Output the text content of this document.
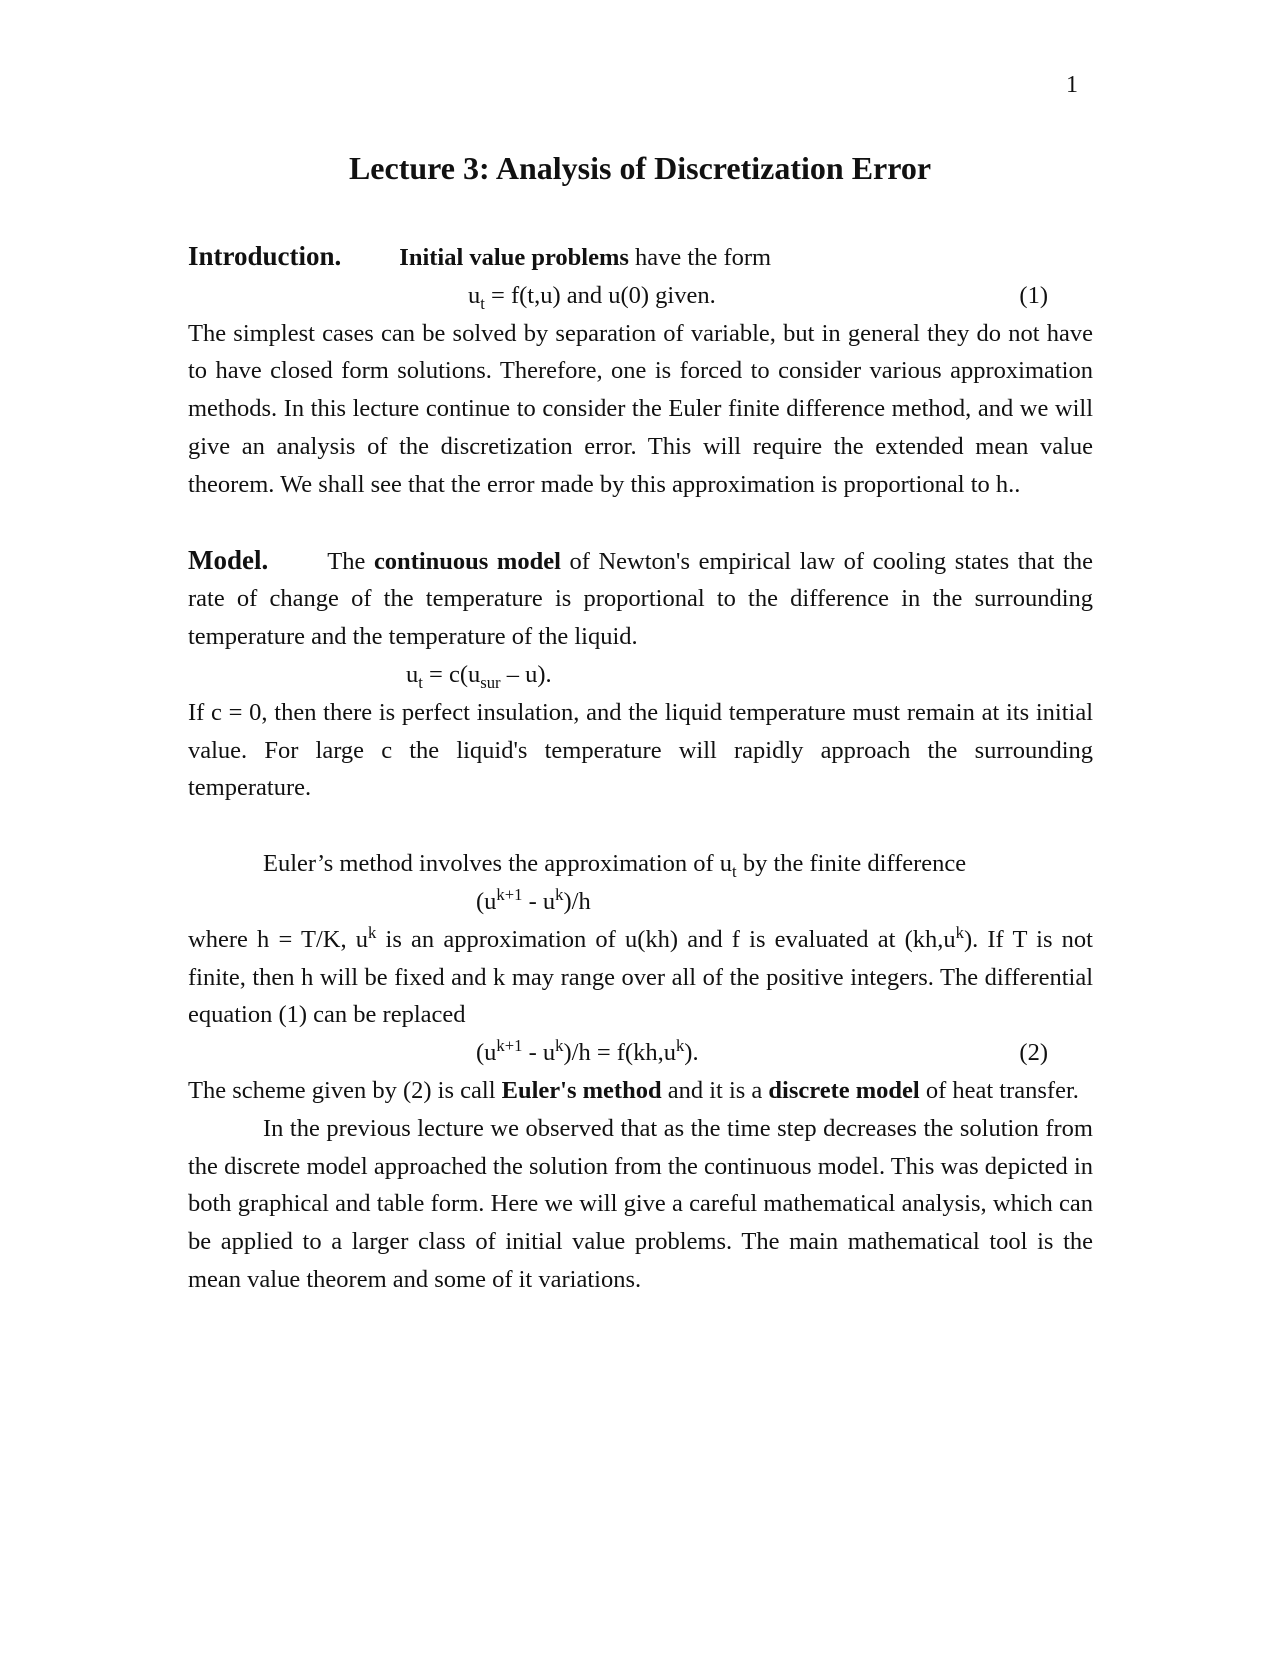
1
Lecture 3: Analysis of Discretization Error

Introduction. Initial value problems have the form

$u_t = f(t,u)$ and u(0) given.	(1)

The simplest cases can be solved by separation of variable, but in general they do not have to have closed form solutions. Therefore, one is forced to consider various approximation methods. In this lecture continue to consider the Euler finite difference method, and we will give an analysis of the discretization error. This will require the extended mean value theorem. We shall see that the error made by this approximation is proportional to h..

Model. The continuous model of Newton's empirical law of cooling states that the rate of change of the temperature is proportional to the difference in the surrounding temperature and the temperature of the liquid.

$u_t = c(u_{sur} - u)$.

If c = 0, then there is perfect insulation, and the liquid temperature must remain at its initial value. For large c the liquid's temperature will rapidly approach the surrounding temperature.

Euler’s method involves the approximation of $u_t$ by the finite difference

$(u^{k+1} - u^k)/h$

where h = T/K, $u^k$ is an approximation of u(kh) and f is evaluated at $(kh,u^k)$. If T is not finite, then h will be fixed and k may range over all of the positive integers. The differential equation (1) can be replaced

$(u^{k+1} - u^k)/h = f(kh,u^k)$.	(2)

The scheme given by (2) is call Euler's method and it is a discrete model of heat transfer.

In the previous lecture we observed that as the time step decreases the solution from the discrete model approached the solution from the continuous model. This was depicted in both graphical and table form. Here we will give a careful mathematical analysis, which can be applied to a larger class of initial value problems. The main mathematical tool is the mean value theorem and some of it variations.
